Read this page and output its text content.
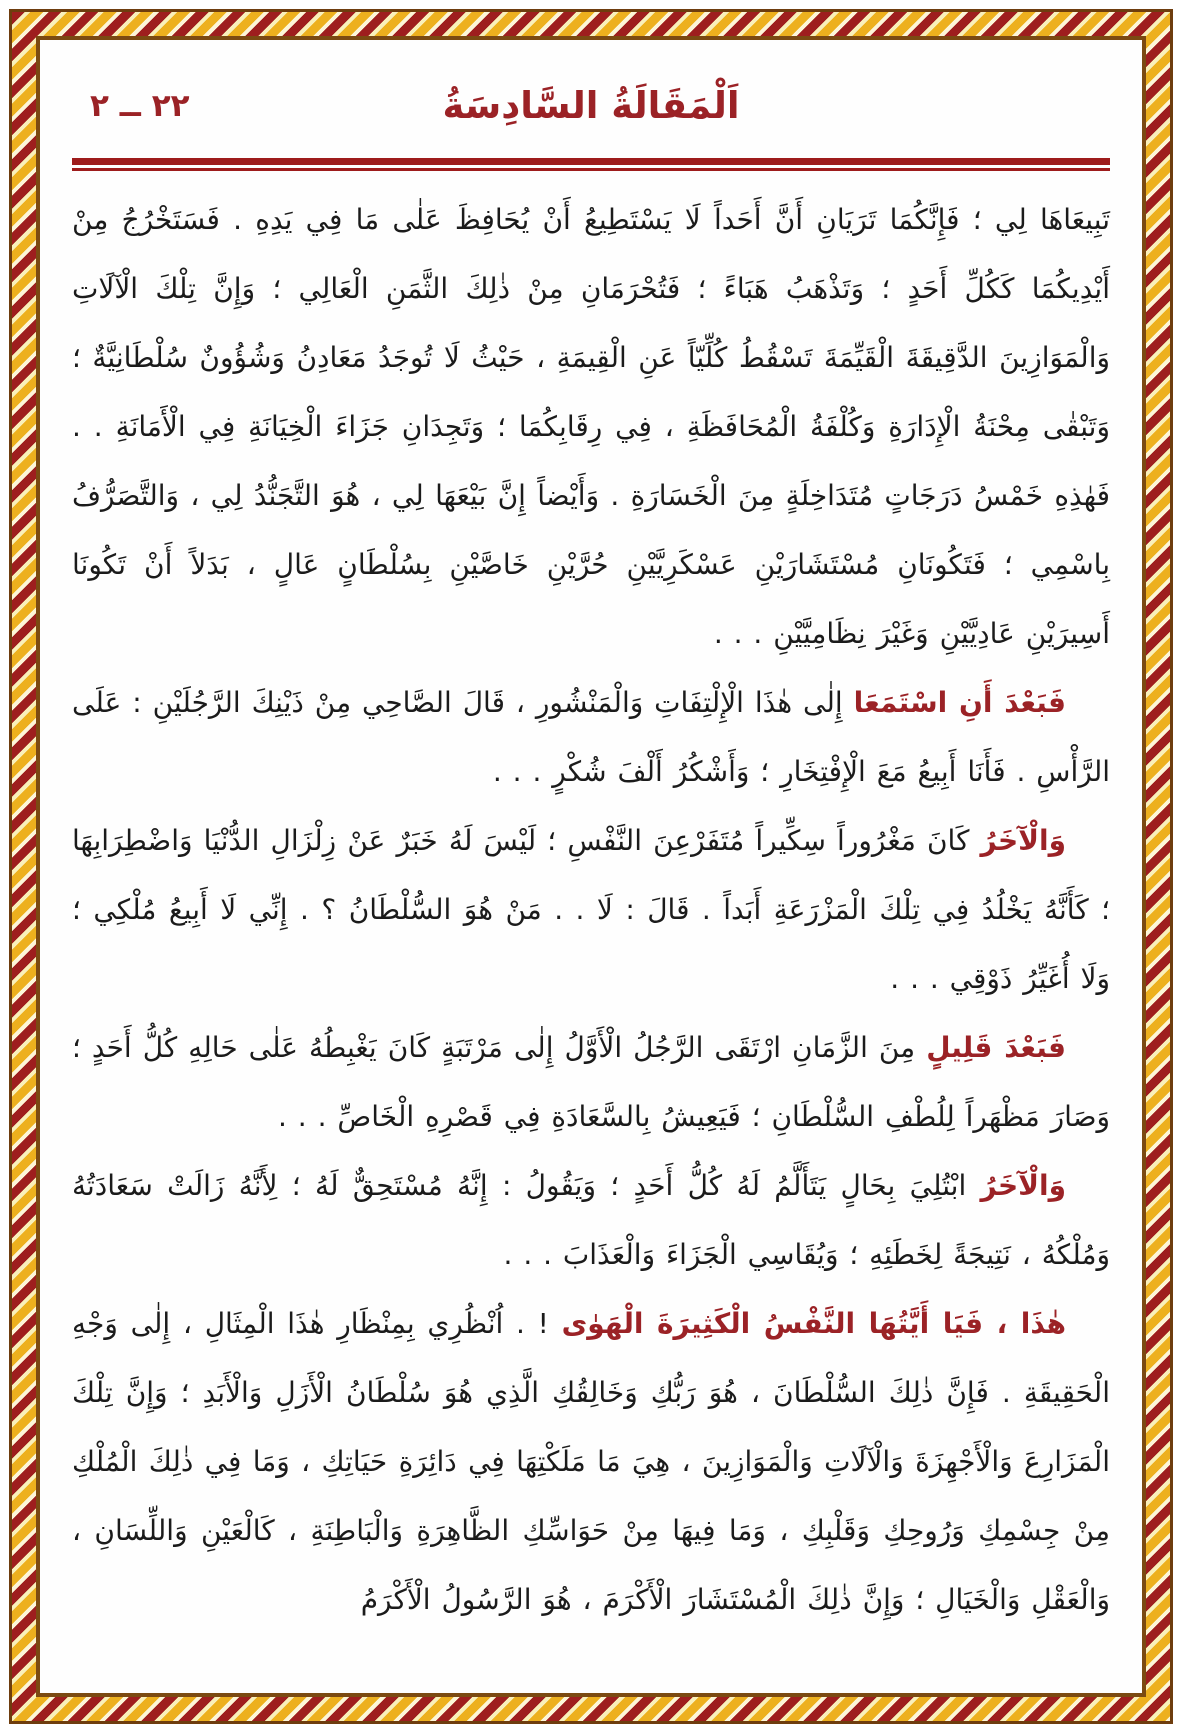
٢٢ ــ ٢	اَلْمَقَالَةُ السَّادِسَةُ

تَبِيعَاهَا لِي ؛ فَإِنَّكُمَا تَرَيَانِ أَنَّ أَحَداً لَا يَسْتَطِيعُ أَنْ يُحَافِظَ عَلٰى مَا فِي يَدِهِ . فَسَتَخْرُجُ مِنْ أَيْدِيكُمَا كَكُلِّ أَحَدٍ ؛ وَتَذْهَبُ هَبَاءً ؛ فَتُحْرَمَانِ مِنْ ذٰلِكَ الثَّمَنِ الْعَالِي ؛ وَإِنَّ تِلْكَ الْآلَاتِ وَالْمَوَازِينَ الدَّقِيقَةَ الْقَيِّمَةَ تَسْقُطُ كُلِّيّاً عَنِ الْقِيمَةِ ، حَيْثُ لَا تُوجَدُ مَعَادِنُ وَشُؤُونٌ سُلْطَانِيَّةٌ ؛ وَتَبْقٰى مِحْنَةُ الْإِدَارَةِ وَكُلْفَةُ الْمُحَافَظَةِ ، فِي رِقَابِكُمَا ؛ وَتَجِدَانِ جَزَاءَ الْخِيَانَةِ فِي الْأَمَانَةِ . . فَهٰذِهِ خَمْسُ دَرَجَاتٍ مُتَدَاخِلَةٍ مِنَ الْخَسَارَةِ . وَأَيْضاً إِنَّ بَيْعَهَا لِي ، هُوَ التَّجَنُّدُ لِي ، وَالتَّصَرُّفُ بِاسْمِي ؛ فَتَكُونَانِ مُسْتَشَارَيْنِ عَسْكَرِيَّيْنِ حُرَّيْنِ خَاصَّيْنِ بِسُلْطَانٍ عَالٍ ، بَدَلاً أَنْ تَكُونَا أَسِيرَيْنِ عَادِيَّيْنِ وَغَيْرَ نِظَامِيَّيْنِ . . .

فَبَعْدَ أَنِ اسْتَمَعَا إِلٰى هٰذَا الْإِلْتِفَاتِ وَالْمَنْشُورِ ، قَالَ الصَّاحِي مِنْ ذَيْنِكَ الرَّجُلَيْنِ : عَلَى الرَّأْسِ . فَأَنَا أَبِيعُ مَعَ الْإِفْتِخَارِ ؛ وَأَشْكُرُ أَلْفَ شُكْرٍ . . .

وَالْآخَرُ كَانَ مَغْرُوراً سِكِّيراً مُتَفَرْعِنَ النَّفْسِ ؛ لَيْسَ لَهُ خَبَرٌ عَنْ زِلْزَالِ الدُّنْيَا وَاضْطِرَابِهَا ؛ كَأَنَّهُ يَخْلُدُ فِي تِلْكَ الْمَزْرَعَةِ أَبَداً . قَالَ : لَا . . مَنْ هُوَ السُّلْطَانُ ؟ . إِنِّي لَا أَبِيعُ مُلْكِي ؛ وَلَا أُغَيِّرُ ذَوْقِي . . .

فَبَعْدَ قَلِيلٍ مِنَ الزَّمَانِ ارْتَقَى الرَّجُلُ الْأَوَّلُ إِلٰى مَرْتَبَةٍ كَانَ يَغْبِطُهُ عَلٰى حَالِهِ كُلُّ أَحَدٍ ؛ وَصَارَ مَظْهَراً لِلُطْفِ السُّلْطَانِ ؛ فَيَعِيشُ بِالسَّعَادَةِ فِي قَصْرِهِ الْخَاصِّ . . .

وَالْآخَرُ ابْتُلِيَ بِحَالٍ يَتَأَلَّمُ لَهُ كُلُّ أَحَدٍ ؛ وَيَقُولُ : إِنَّهُ مُسْتَحِقٌّ لَهُ ؛ لِأَنَّهُ زَالَتْ سَعَادَتُهُ وَمُلْكُهُ ، نَتِيجَةً لِخَطَئِهِ ؛ وَيُقَاسِي الْجَزَاءَ وَالْعَذَابَ . . .

هٰذَا ، فَيَا أَيَّتُهَا النَّفْسُ الْكَثِيرَةَ الْهَوٰى ! . اُنْظُرِي بِمِنْظَارِ هٰذَا الْمِثَالِ ، إِلٰى وَجْهِ الْحَقِيقَةِ . فَإِنَّ ذٰلِكَ السُّلْطَانَ ، هُوَ رَبُّكِ وَخَالِقُكِ الَّذِي هُوَ سُلْطَانُ الْأَزَلِ وَالْأَبَدِ ؛ وَإِنَّ تِلْكَ الْمَزَارِعَ وَالْأَجْهِزَةَ وَالْآلَاتِ وَالْمَوَازِينَ ، هِيَ مَا مَلَكْتِهَا فِي دَائِرَةِ حَيَاتِكِ ، وَمَا فِي ذٰلِكَ الْمُلْكِ مِنْ جِسْمِكِ وَرُوحِكِ وَقَلْبِكِ ، وَمَا فِيهَا مِنْ حَوَاسِّكِ الظَّاهِرَةِ وَالْبَاطِنَةِ ، كَالْعَيْنِ وَاللِّسَانِ ، وَالْعَقْلِ وَالْخَيَالِ ؛ وَإِنَّ ذٰلِكَ الْمُسْتَشَارَ الْأَكْرَمَ ، هُوَ الرَّسُولُ الْأَكْرَمُ
